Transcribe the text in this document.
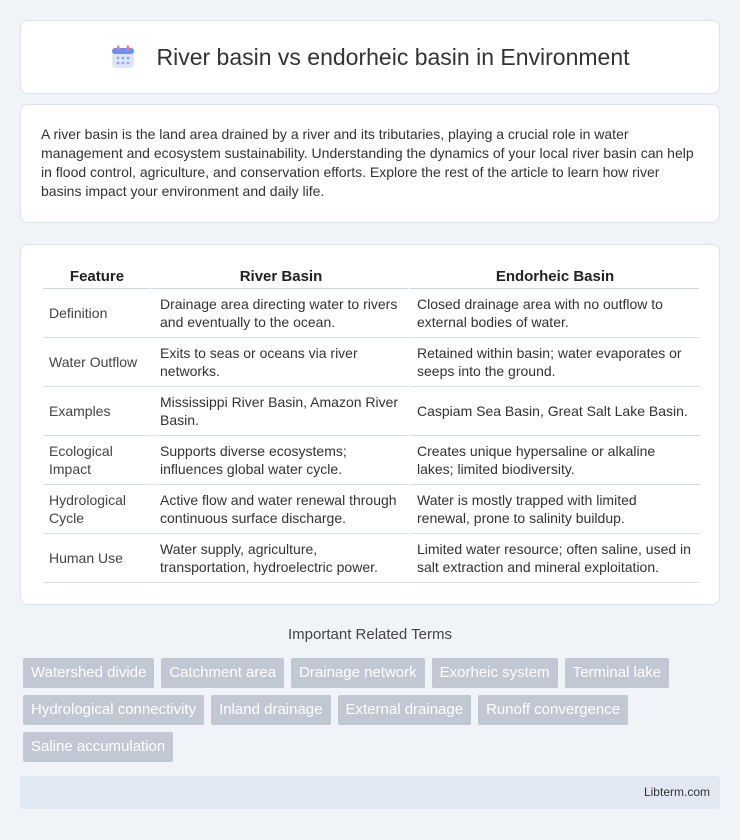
River basin vs endorheic basin in Environment

A river basin is the land area drained by a river and its tributaries, playing a crucial role in water management and ecosystem sustainability. Understanding the dynamics of your local river basin can help in flood control, agriculture, and conservation efforts. Explore the rest of the article to learn how river basins impact your environment and daily life.

Feature	River Basin	Endorheic Basin
Definition	Drainage area directing water to rivers and eventually to the ocean.	Closed drainage area with no outflow to external bodies of water.
Water Outflow	Exits to seas or oceans via river networks.	Retained within basin; water evaporates or seeps into the ground.
Examples	Mississippi River Basin, Amazon River Basin.	Caspiam Sea Basin, Great Salt Lake Basin.
Ecological Impact	Supports diverse ecosystems; influences global water cycle.	Creates unique hypersaline or alkaline lakes; limited biodiversity.
Hydrological Cycle	Active flow and water renewal through continuous surface discharge.	Water is mostly trapped with limited renewal, prone to salinity buildup.
Human Use	Water supply, agriculture, transportation, hydroelectric power.	Limited water resource; often saline, used in salt extraction and mineral exploitation.
Important Related Terms
Watershed divide	Catchment area	Drainage network	Exorheic system	Terminal lake
Hydrological connectivity	Inland drainage	External drainage	Runoff convergence
Saline accumulation
Libterm.com
